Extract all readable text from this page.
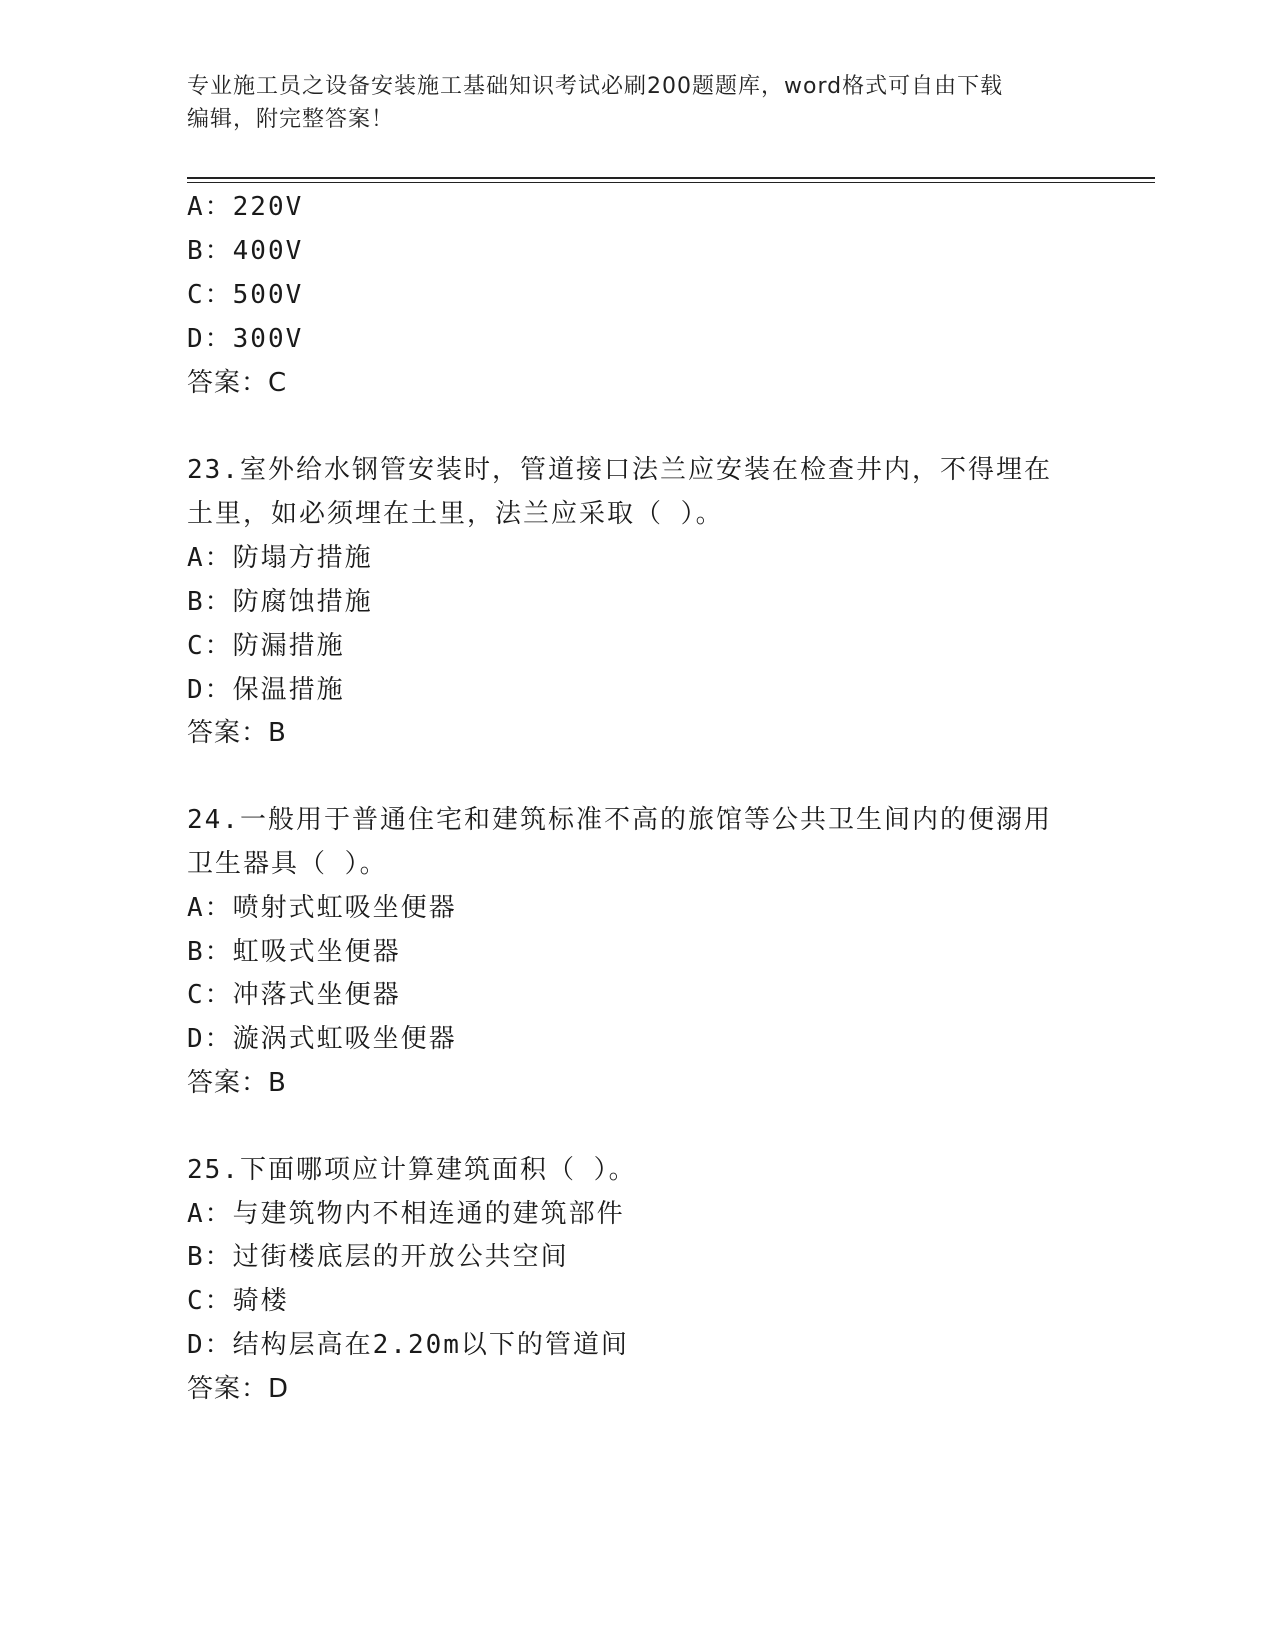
专业施工员之设备安装施工基础知识考试必刷200题题库，word格式可自由下载
编辑，附完整答案！
A：220V
B：400V
C：500V
D：300V
答案：C
23.室外给水钢管安装时，管道接口法兰应安装在检查井内，不得埋在
土里，如必须埋在土里，法兰应采取（ ）。
A：防塌方措施
B：防腐蚀措施
C：防漏措施
D：保温措施
答案：B
24.一般用于普通住宅和建筑标准不高的旅馆等公共卫生间内的便溺用
卫生器具（ ）。
A：喷射式虹吸坐便器
B：虹吸式坐便器
C：冲落式坐便器
D：漩涡式虹吸坐便器
答案：B
25.下面哪项应计算建筑面积（ ）。
A：与建筑物内不相连通的建筑部件
B：过街楼底层的开放公共空间
C：骑楼
D：结构层高在2.20m以下的管道间
答案：D
